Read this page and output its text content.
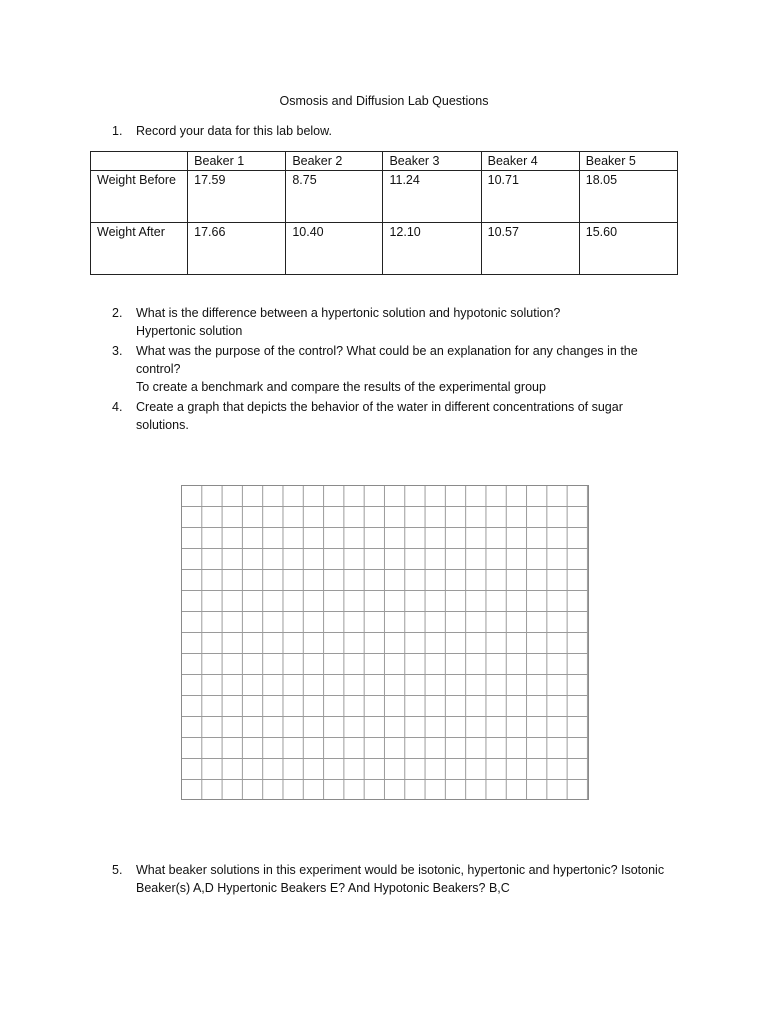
Osmosis and Diffusion Lab Questions
1.	Record your data for this lab below.
	Beaker 1	Beaker 2	Beaker 3	Beaker 4	Beaker 5
Weight Before	17.59	8.75	11.24	10.71	18.05
Weight After	17.66	10.40	12.10	10.57	15.60
2.	What is the difference between a hypertonic solution and hypotonic solution?
Hypertonic solution
3.	What was the purpose of the control? What could be an explanation for any changes in the control?
To create a benchmark and compare the results of the experimental group
4.	Create a graph that depicts the behavior of the water in different concentrations of sugar solutions.
5.	What beaker solutions in this experiment would be isotonic, hypertonic and hypertonic? Isotonic Beaker(s) A,D Hypertonic Beakers E? And Hypotonic Beakers? B,C
